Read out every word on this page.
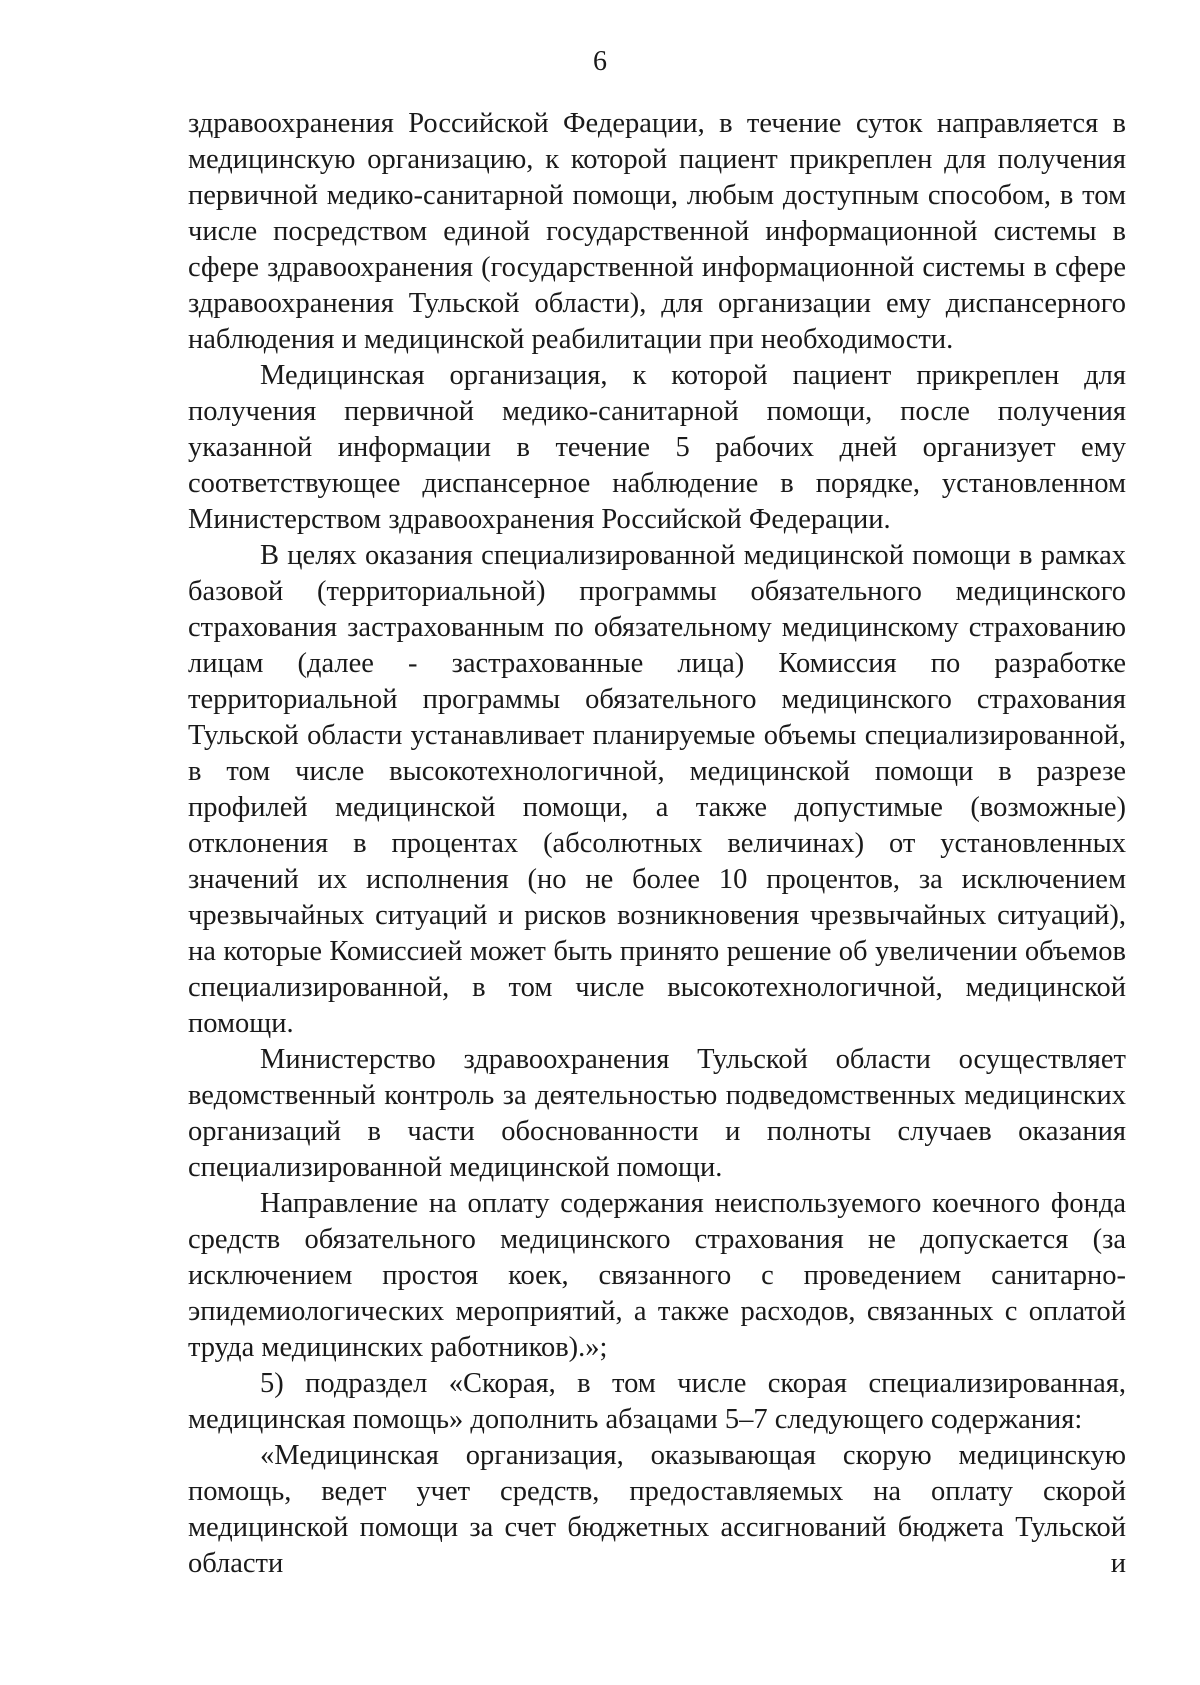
6

здравоохранения Российской Федерации, в течение суток направляется в медицинскую организацию, к которой пациент прикреплен для получения первичной медико-санитарной помощи, любым доступным способом, в том числе посредством единой государственной информационной системы в сфере здравоохранения (государственной информационной системы в сфере здравоохранения Тульской области), для организации ему диспансерного наблюдения и медицинской реабилитации при необходимости.

Медицинская организация, к которой пациент прикреплен для получения первичной медико-санитарной помощи, после получения указанной информации в течение 5 рабочих дней организует ему соответствующее диспансерное наблюдение в порядке, установленном Министерством здравоохранения Российской Федерации.

В целях оказания специализированной медицинской помощи в рамках базовой (территориальной) программы обязательного медицинского страхования застрахованным по обязательному медицинскому страхованию лицам (далее - застрахованные лица) Комиссия по разработке территориальной программы обязательного медицинского страхования Тульской области устанавливает планируемые объемы специализированной, в том числе высокотехнологичной, медицинской помощи в разрезе профилей медицинской помощи, а также допустимые (возможные) отклонения в процентах (абсолютных величинах) от установленных значений их исполнения (но не более 10 процентов, за исключением чрезвычайных ситуаций и рисков возникновения чрезвычайных ситуаций), на которые Комиссией может быть принято решение об увеличении объемов специализированной, в том числе высокотехнологичной, медицинской помощи.

Министерство здравоохранения Тульской области осуществляет ведомственный контроль за деятельностью подведомственных медицинских организаций в части обоснованности и полноты случаев оказания специализированной медицинской помощи.

Направление на оплату содержания неиспользуемого коечного фонда средств обязательного медицинского страхования не допускается (за исключением простоя коек, связанного с проведением санитарно-эпидемиологических мероприятий, а также расходов, связанных с оплатой труда медицинских работников).»;

5) подраздел «Скорая, в том числе скорая специализированная, медицинская помощь» дополнить абзацами 5–7 следующего содержания:

«Медицинская организация, оказывающая скорую медицинскую помощь, ведет учет средств, предоставляемых на оплату скорой медицинской помощи за счет бюджетных ассигнований бюджета Тульской области и
